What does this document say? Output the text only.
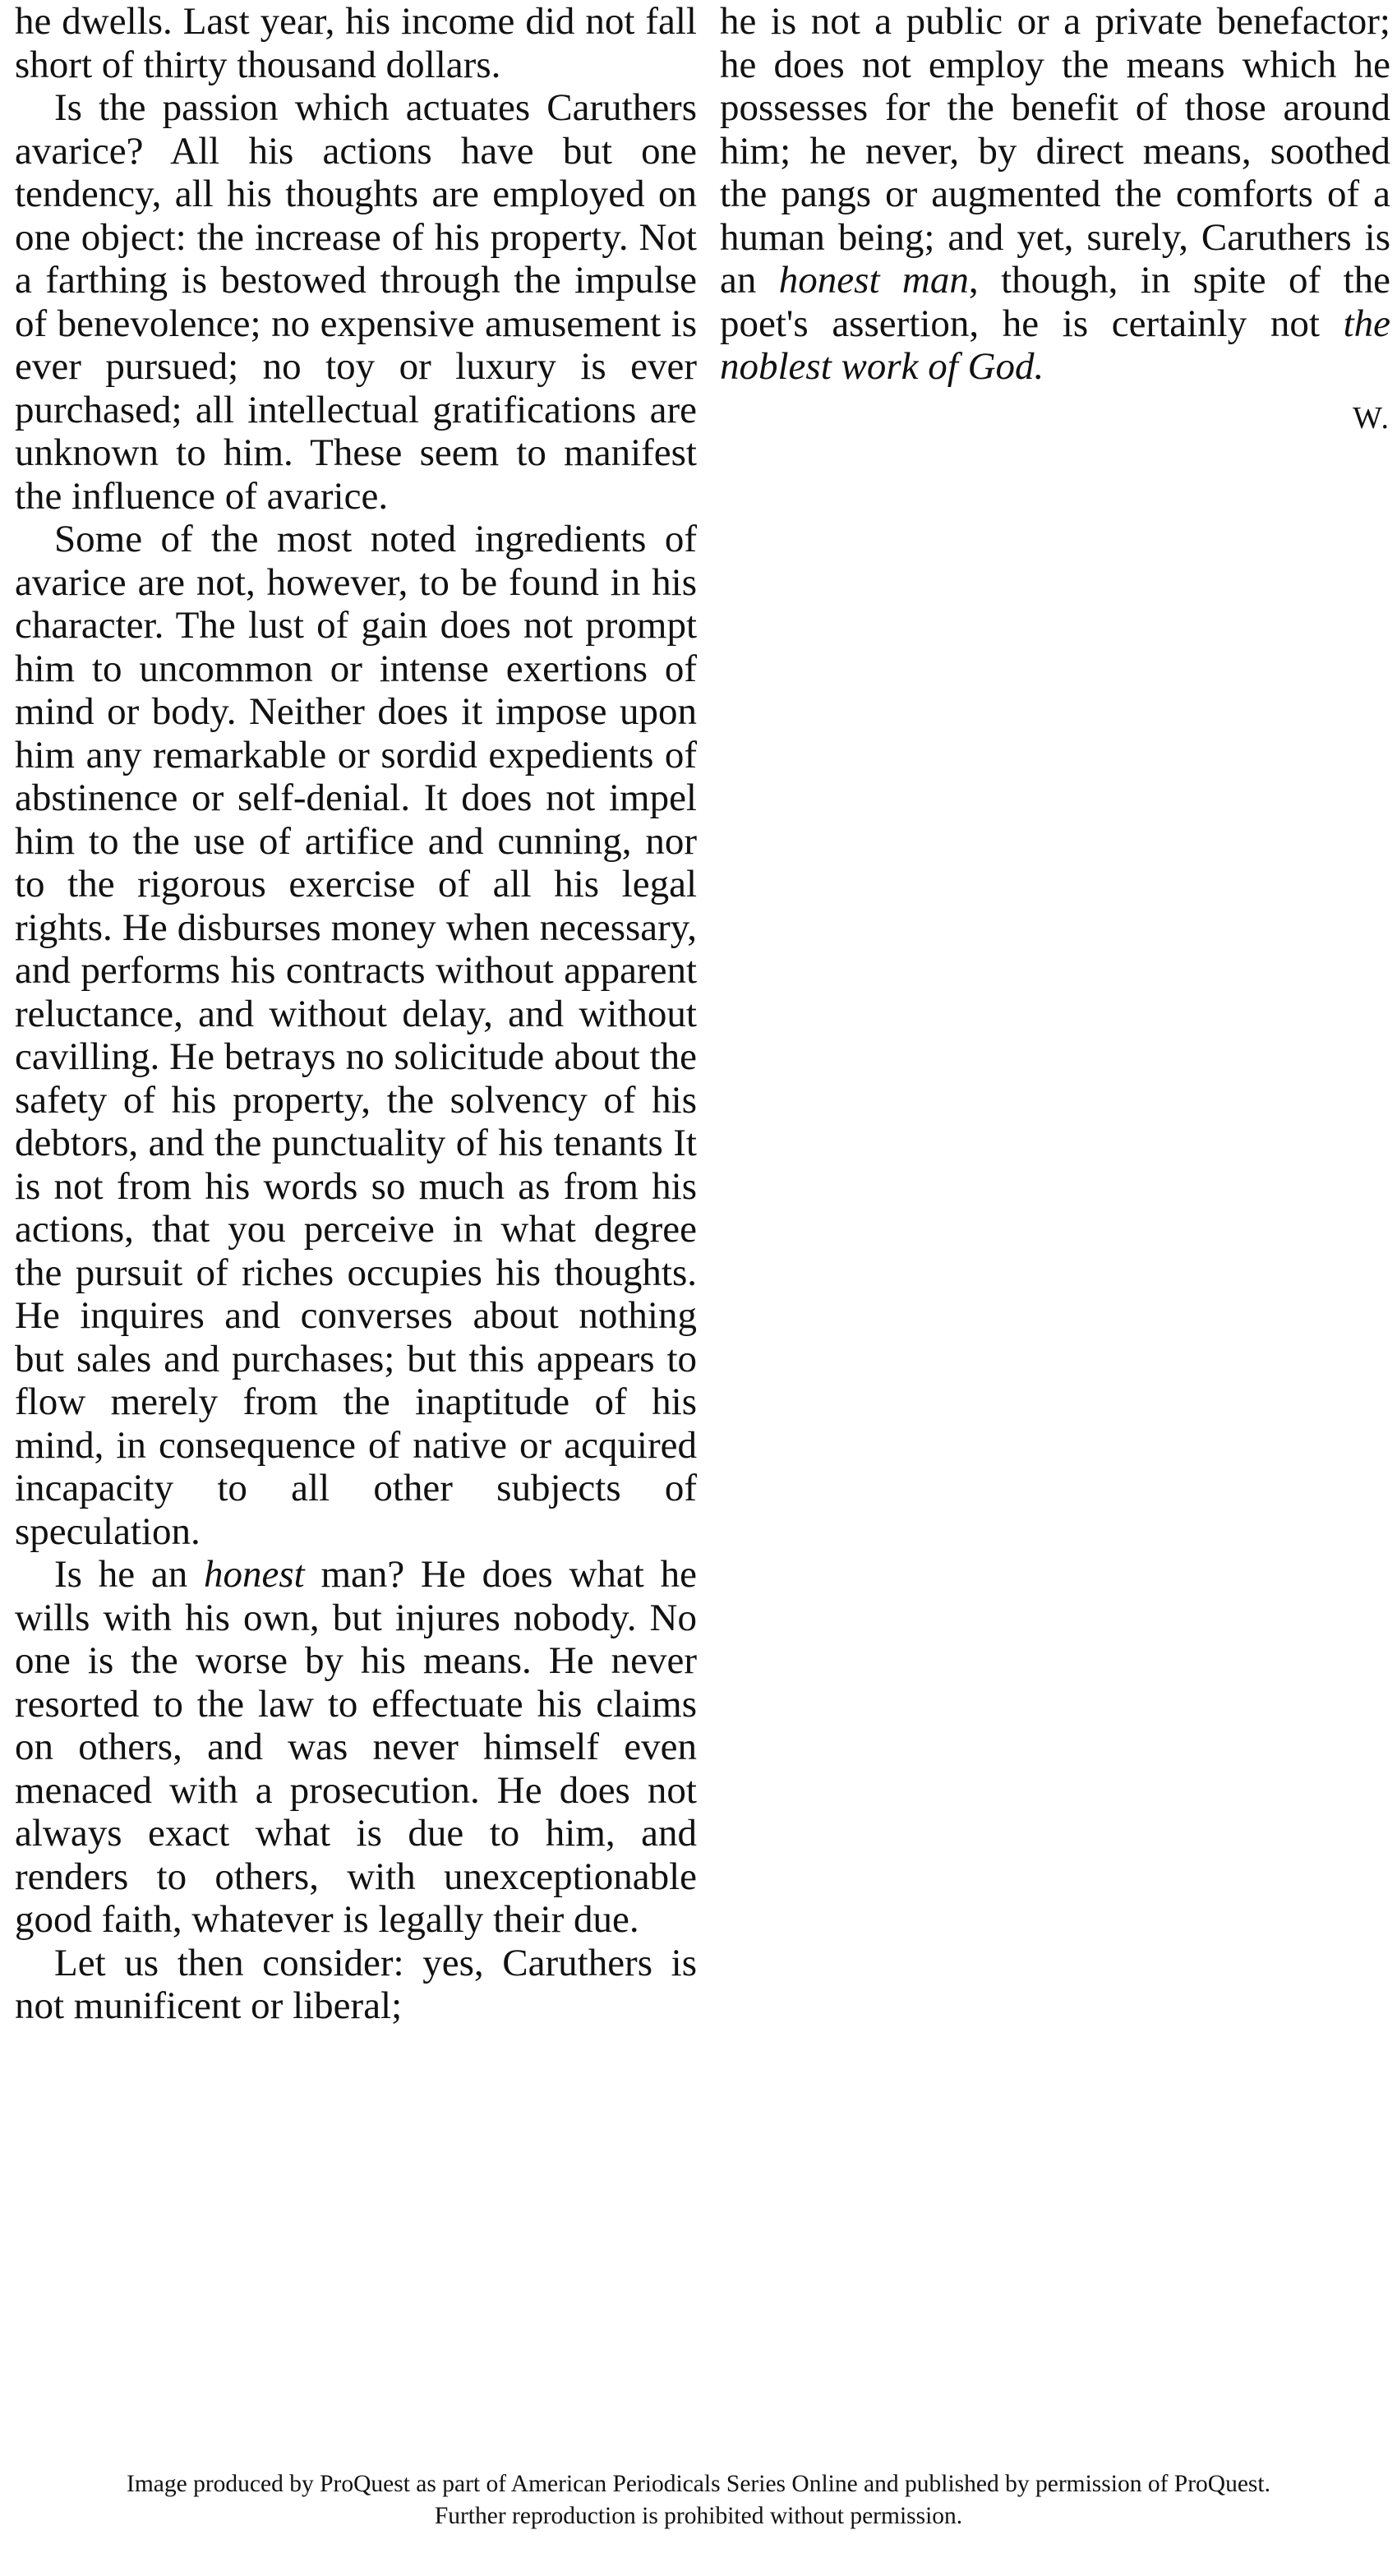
he dwells. Last year, his income did not fall short of thirty thousand dollars.

Is the passion which actuates Caruthers avarice? All his actions have but one tendency, all his thoughts are employed on one object: the increase of his property. Not a farthing is bestowed through the impulse of benevolence; no expensive amusement is ever pursued; no toy or luxury is ever purchased; all intellectual gratifications are unknown to him. These seem to manifest the influence of avarice.

Some of the most noted ingredients of avarice are not, however, to be found in his character. The lust of gain does not prompt him to uncommon or intense exertions of mind or body. Neither does it impose upon him any remarkable or sordid expedients of abstinence or self-denial. It does not impel him to the use of artifice and cunning, nor to the rigorous exercise of all his legal rights. He disburses money when necessary, and performs his contracts without apparent reluctance, and without delay, and without cavilling. He betrays no solicitude about the safety of his property, the solvency of his debtors, and the punctuality of his tenants It is not from his words so much as from his actions, that you perceive in what degree the pursuit of riches occupies his thoughts. He inquires and converses about nothing but sales and purchases; but this appears to flow merely from the inaptitude of his mind, in consequence of native or acquired incapacity to all other subjects of speculation.

Is he an honest man? He does what he wills with his own, but injures nobody. No one is the worse by his means. He never resorted to the law to effectuate his claims on others, and was never himself even menaced with a prosecution. He does not always exact what is due to him, and renders to others, with unexceptionable good faith, whatever is legally their due.

Let us then consider: yes, Caruthers is not munificent or liberal;

he is not a public or a private benefactor; he does not employ the means which he possesses for the benefit of those around him; he never, by direct means, soothed the pangs or augmented the comforts of a human being; and yet, surely, Caruthers is an honest man, though, in spite of the poet's assertion, he is certainly not the noblest work of God.

W.

Image produced by ProQuest as part of American Periodicals Series Online and published by permission of ProQuest.
Further reproduction is prohibited without permission.
